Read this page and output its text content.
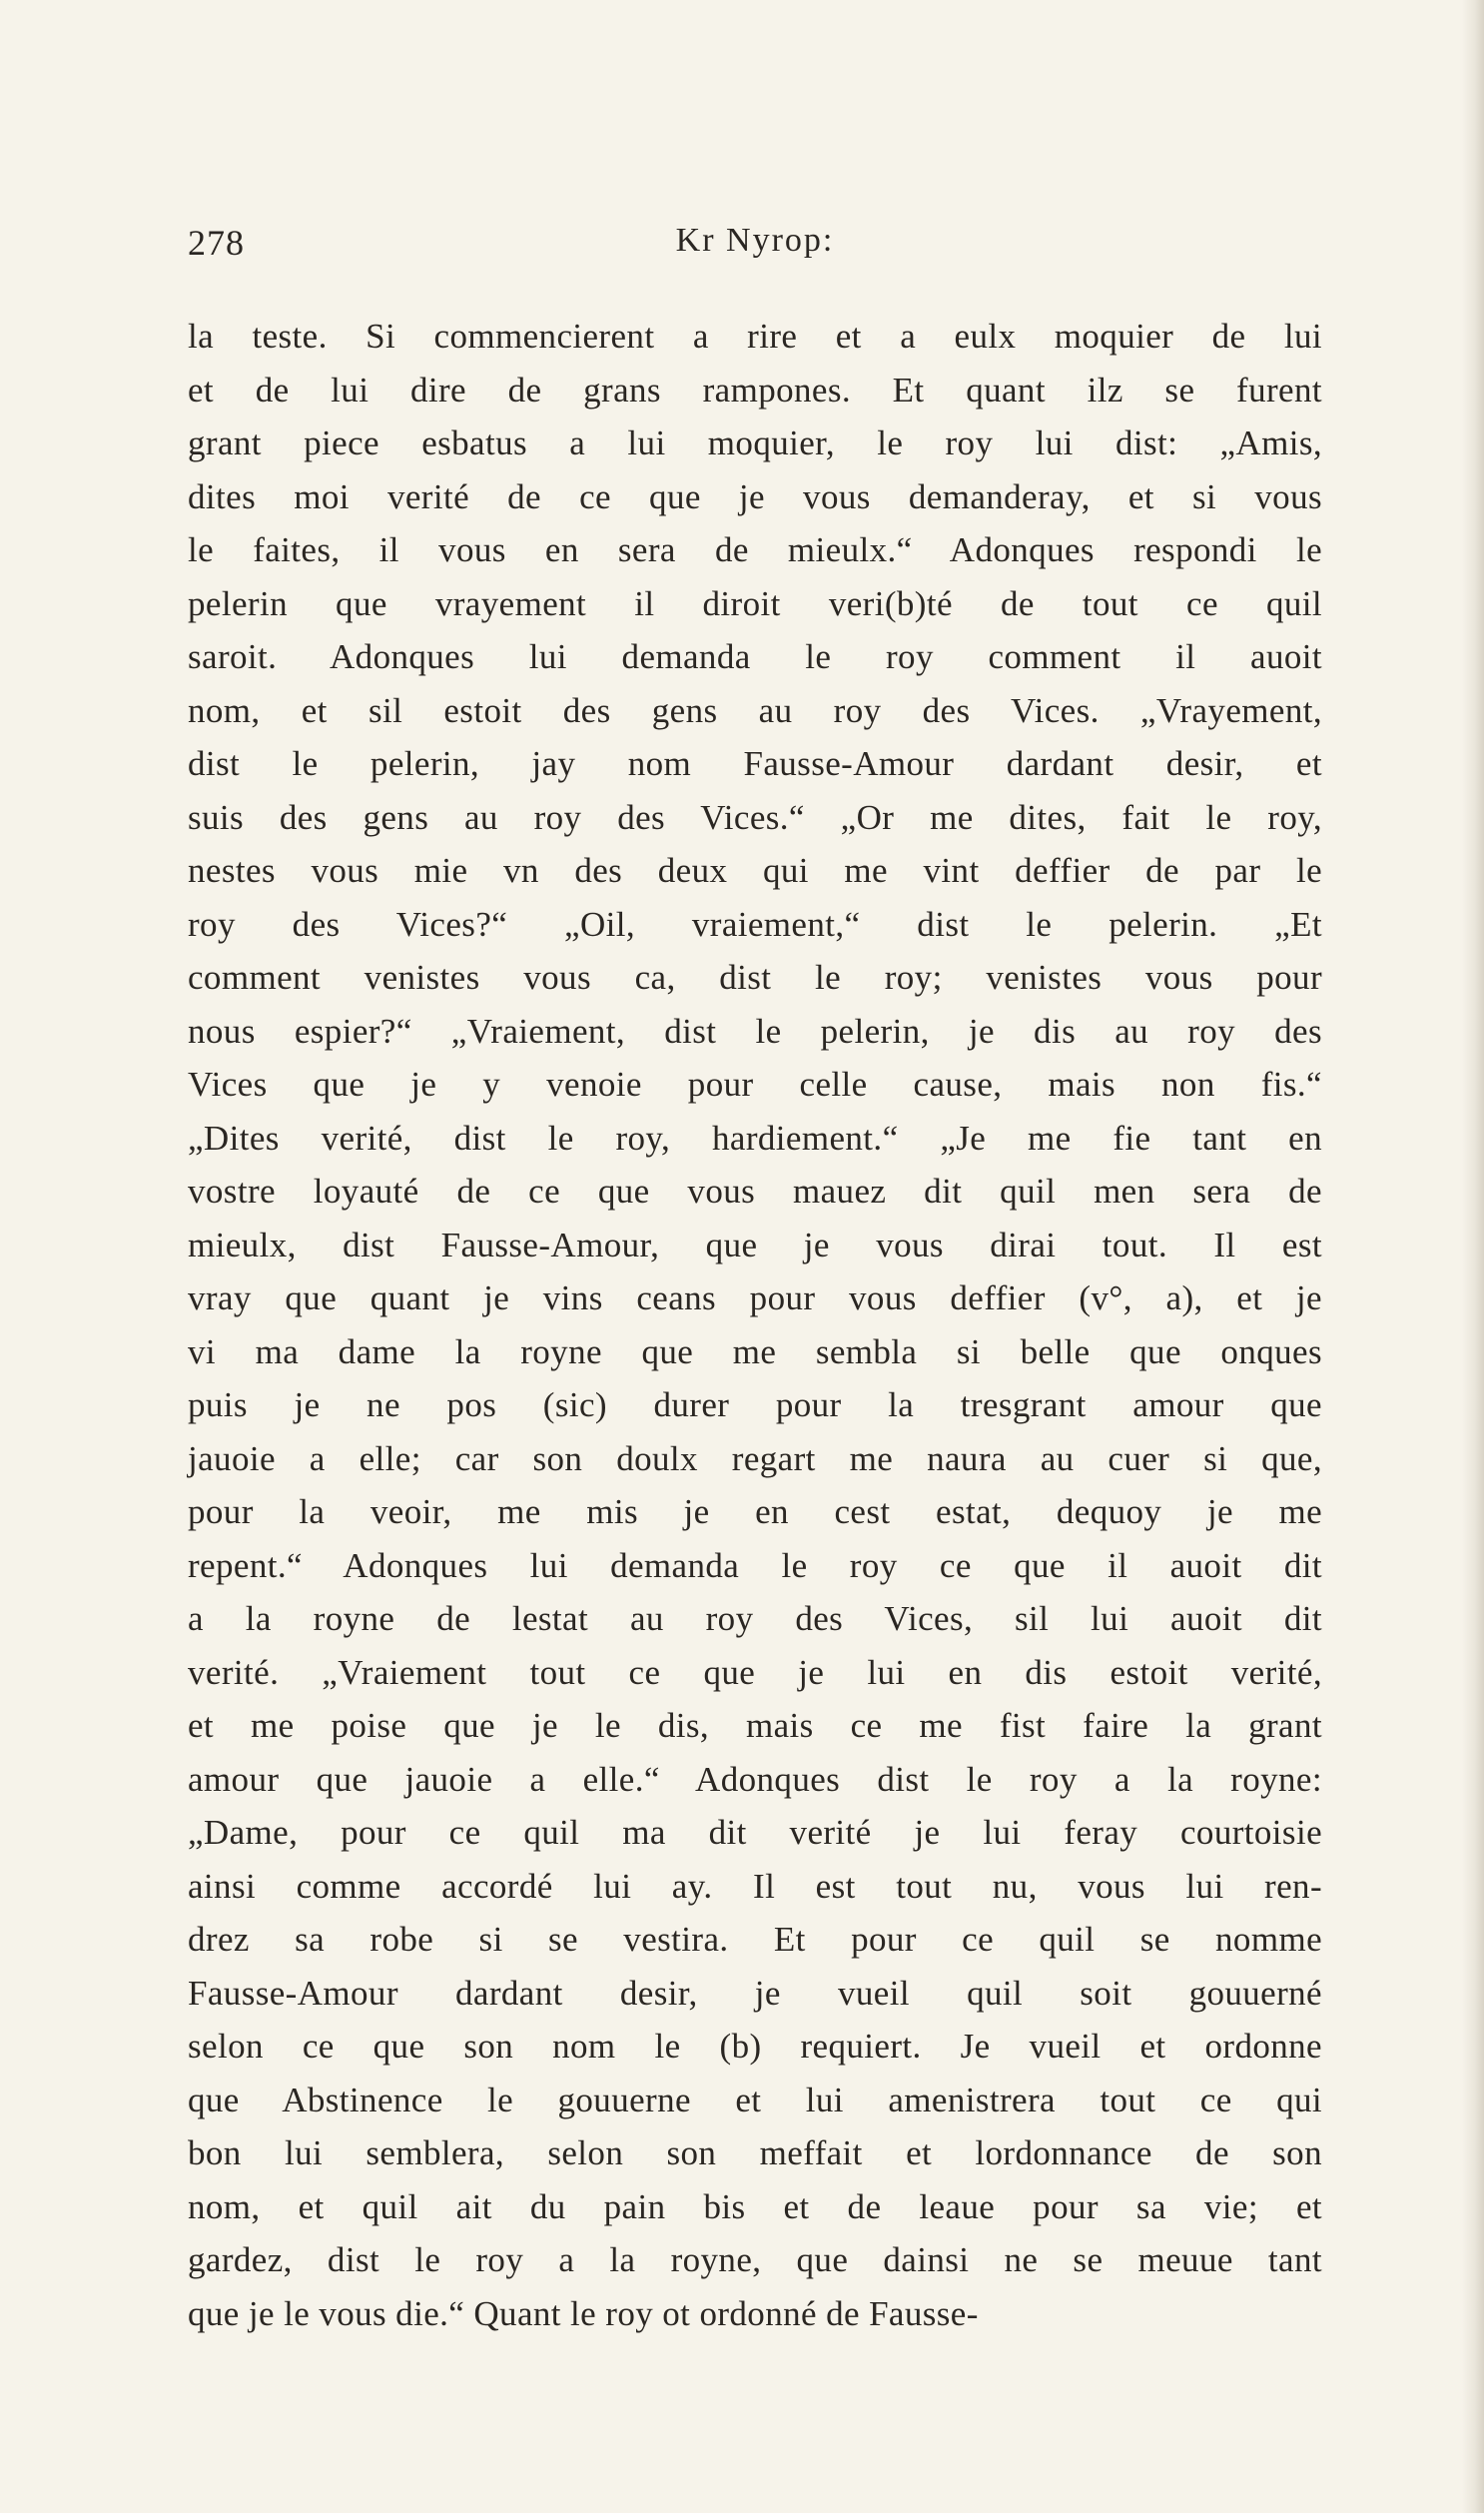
278	Kr Nyrop:
la teste. Si commencierent a rire et a eulx moquier de lui
et de lui dire de grans rampones. Et quant ilz se furent
grant piece esbatus a lui moquier, le roy lui dist: „Amis,
dites moi verité de ce que je vous demanderay, et si vous
le faites, il vous en sera de mieulx.“ Adonques respondi le
pelerin que vrayement il diroit veri(b)té de tout ce quil
saroit. Adonques lui demanda le roy comment il auoit
nom, et sil estoit des gens au roy des Vices. „Vrayement,
dist le pelerin, jay nom Fausse-Amour dardant desir, et
suis des gens au roy des Vices.“ „Or me dites, fait le roy,
nestes vous mie vn des deux qui me vint deffier de par le
roy des Vices?“ „Oil, vraiement,“ dist le pelerin. „Et
comment venistes vous ca, dist le roy; venistes vous pour
nous espier?“ „Vraiement, dist le pelerin, je dis au roy des
Vices que je y venoie pour celle cause, mais non fis.“
„Dites verité, dist le roy, hardiement.“ „Je me fie tant en
vostre loyauté de ce que vous mauez dit quil men sera de
mieulx, dist Fausse-Amour, que je vous dirai tout. Il est
vray que quant je vins ceans pour vous deffier (v°, a), et je
vi ma dame la royne que me sembla si belle que onques
puis je ne pos (sic) durer pour la tresgrant amour que
jauoie a elle; car son doulx regart me naura au cuer si que,
pour la veoir, me mis je en cest estat, dequoy je me
repent.“ Adonques lui demanda le roy ce que il auoit dit
a la royne de lestat au roy des Vices, sil lui auoit dit
verité. „Vraiement tout ce que je lui en dis estoit verité,
et me poise que je le dis, mais ce me fist faire la grant
amour que jauoie a elle.“ Adonques dist le roy a la royne:
„Dame, pour ce quil ma dit verité je lui feray courtoisie
ainsi comme accordé lui ay. Il est tout nu, vous lui ren-
drez sa robe si se vestira. Et pour ce quil se nomme
Fausse-Amour dardant desir, je vueil quil soit gouuerné
selon ce que son nom le (b) requiert. Je vueil et ordonne
que Abstinence le gouuerne et lui amenistrera tout ce qui
bon lui semblera, selon son meffait et lordonnance de son
nom, et quil ait du pain bis et de leaue pour sa vie; et
gardez, dist le roy a la royne, que dainsi ne se meuue tant
que je le vous die.“ Quant le roy ot ordonné de Fausse-
